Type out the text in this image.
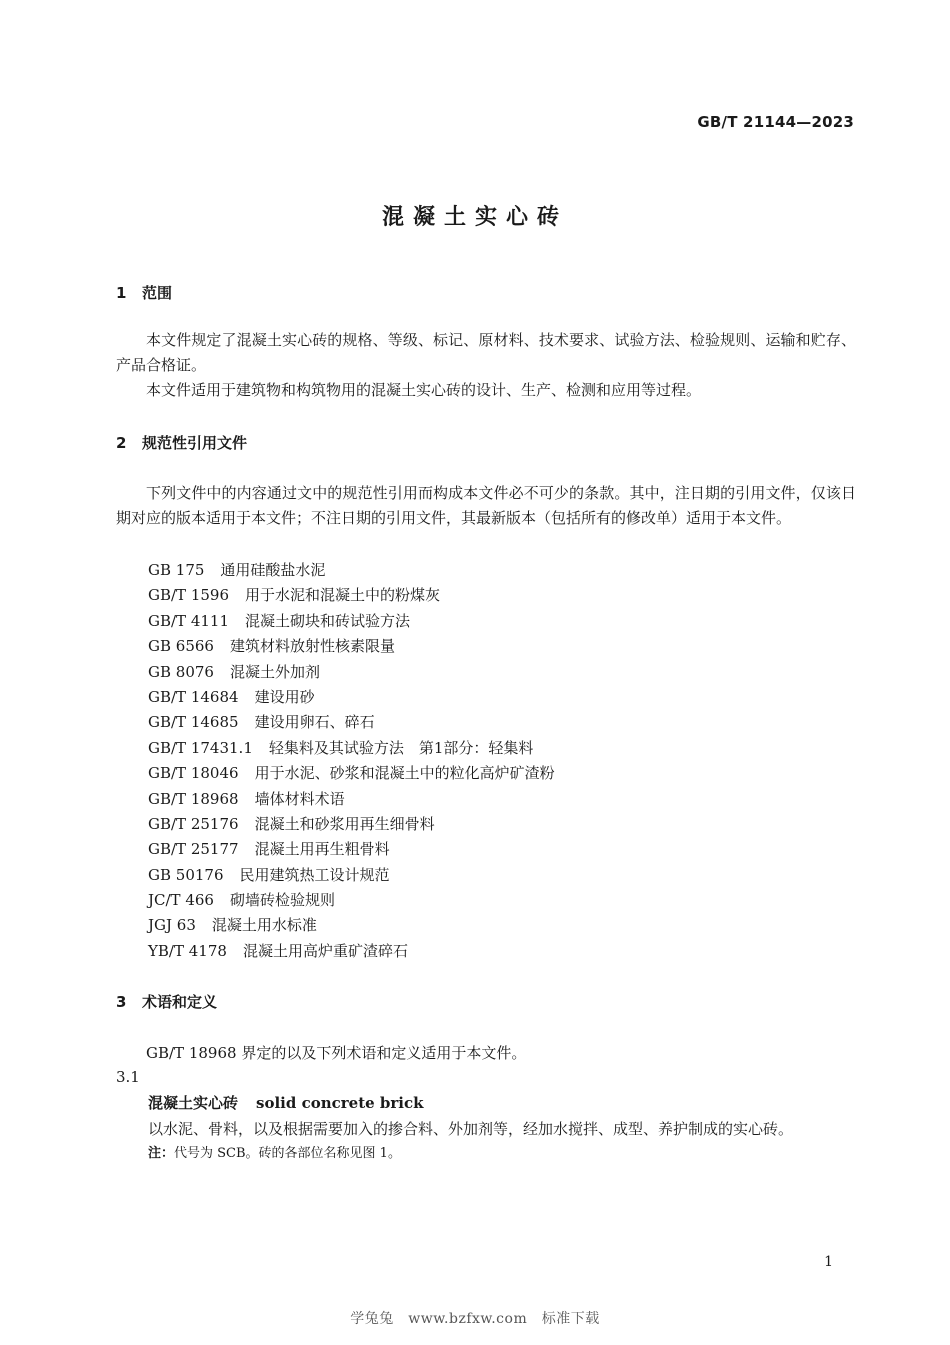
GB/T 21144—2023
混凝土实心砖
1 范围

本文件规定了混凝土实心砖的规格、等级、标记、原材料、技术要求、试验方法、检验规则、运输和贮存、产品合格证。

本文件适用于建筑物和构筑物用的混凝土实心砖的设计、生产、检测和应用等过程。

2 规范性引用文件

下列文件中的内容通过文中的规范性引用而构成本文件必不可少的条款。其中，注日期的引用文件，仅该日期对应的版本适用于本文件；不注日期的引用文件，其最新版本（包括所有的修改单）适用于本文件。

GB 175 通用硅酸盐水泥
GB/T 1596 用于水泥和混凝土中的粉煤灰
GB/T 4111 混凝土砌块和砖试验方法
GB 6566 建筑材料放射性核素限量
GB 8076 混凝土外加剂
GB/T 14684 建设用砂
GB/T 14685 建设用卵石、碎石
GB/T 17431.1 轻集料及其试验方法　第1部分：轻集料
GB/T 18046 用于水泥、砂浆和混凝土中的粒化高炉矿渣粉
GB/T 18968 墙体材料术语
GB/T 25176 混凝土和砂浆用再生细骨料
GB/T 25177 混凝土用再生粗骨料
GB 50176 民用建筑热工设计规范
JC/T 466 砌墙砖检验规则
JGJ 63 混凝土用水标准
YB/T 4178 混凝土用高炉重矿渣碎石
3 术语和定义

GB/T 18968 界定的以及下列术语和定义适用于本文件。

3.1
混凝土实心砖 solid concrete brick
以水泥、骨料，以及根据需要加入的掺合料、外加剂等，经加水搅拌、成型、养护制成的实心砖。
注：代号为 SCB。砖的各部位名称见图 1。
1
学兔兔　www.bzfxw.com　标准下载
